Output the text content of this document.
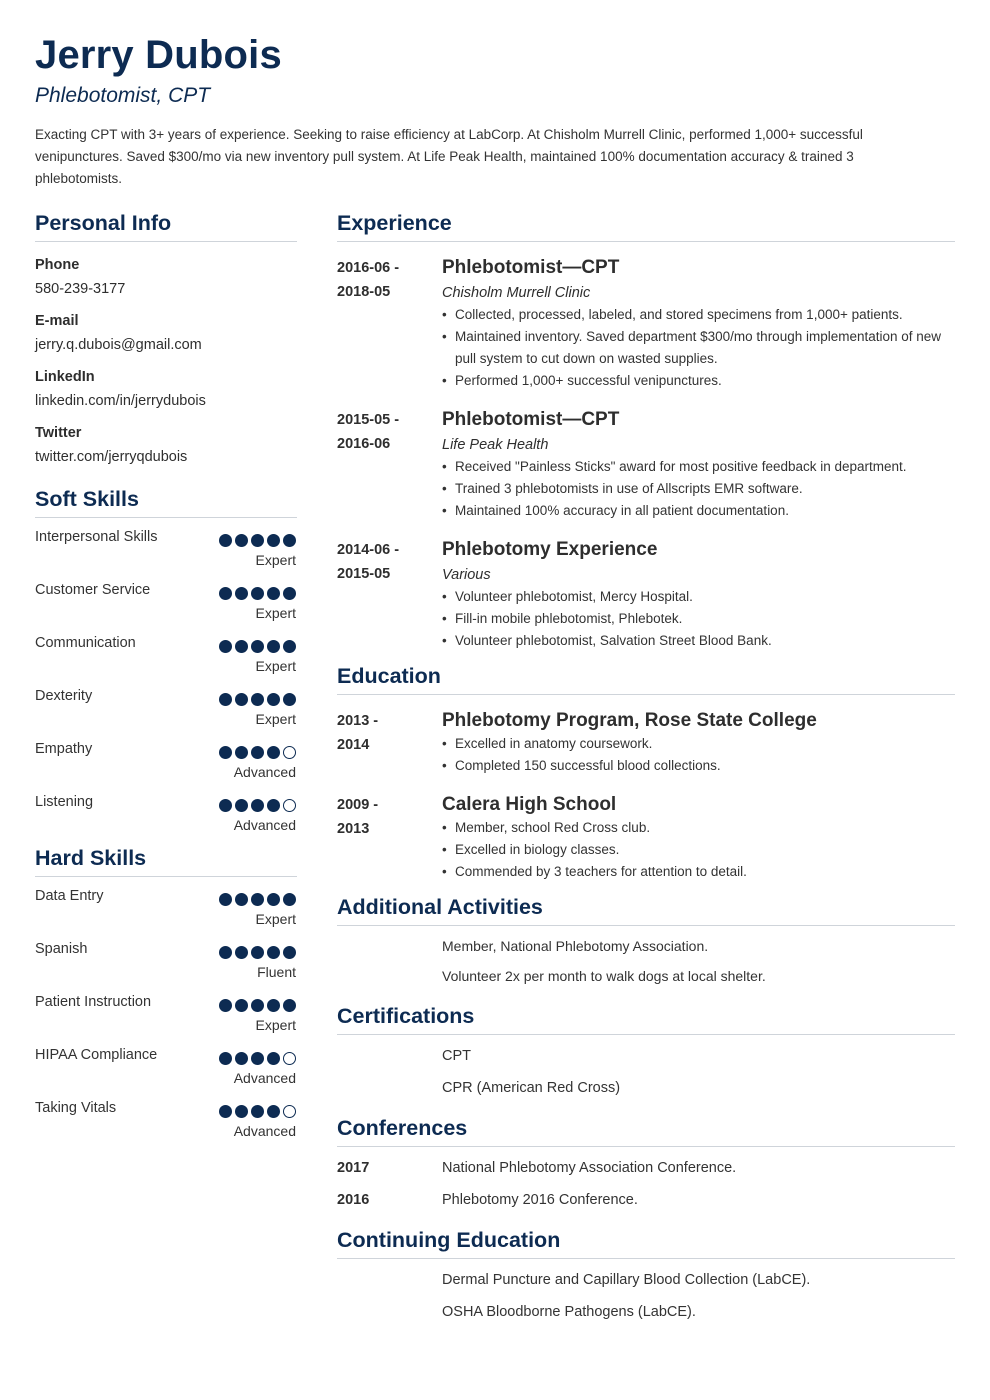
Jerry Dubois
Phlebotomist, CPT
Exacting CPT with 3+ years of experience. Seeking to raise efficiency at LabCorp. At Chisholm Murrell Clinic, performed 1,000+ successful venipunctures. Saved $300/mo via new inventory pull system. At Life Peak Health, maintained 100% documentation accuracy & trained 3 phlebotomists.
Personal Info
Phone
580-239-3177
E-mail
jerry.q.dubois@gmail.com
LinkedIn
linkedin.com/in/jerrydubois
Twitter
twitter.com/jerryqdubois
Soft Skills
Interpersonal Skills
Expert
Customer Service
Expert
Communication
Expert
Dexterity
Expert
Empathy
Advanced
Listening
Advanced
Hard Skills
Data Entry
Expert
Spanish
Fluent
Patient Instruction
Expert
HIPAA Compliance
Advanced
Taking Vitals
Advanced
Experience
2016-06 -
2018-05
Phlebotomist—CPT
Chisholm Murrell Clinic
• Collected, processed, labeled, and stored specimens from 1,000+ patients.
• Maintained inventory. Saved department $300/mo through implementation of new pull system to cut down on wasted supplies.
• Performed 1,000+ successful venipunctures.
2015-05 -
2016-06
Phlebotomist—CPT
Life Peak Health
• Received "Painless Sticks" award for most positive feedback in department.
• Trained 3 phlebotomists in use of Allscripts EMR software.
• Maintained 100% accuracy in all patient documentation.
2014-06 -
2015-05
Phlebotomy Experience
Various
• Volunteer phlebotomist, Mercy Hospital.
• Fill-in mobile phlebotomist, Phlebotek.
• Volunteer phlebotomist, Salvation Street Blood Bank.
Education
2013 -
2014
Phlebotomy Program, Rose State College
• Excelled in anatomy coursework.
• Completed 150 successful blood collections.
2009 -
2013
Calera High School
• Member, school Red Cross club.
• Excelled in biology classes.
• Commended by 3 teachers for attention to detail.
Additional Activities
Member, National Phlebotomy Association.
Volunteer 2x per month to walk dogs at local shelter.
Certifications
CPT
CPR (American Red Cross)
Conferences
2017	National Phlebotomy Association Conference.
2016	Phlebotomy 2016 Conference.
Continuing Education
Dermal Puncture and Capillary Blood Collection (LabCE).
OSHA Bloodborne Pathogens (LabCE).
